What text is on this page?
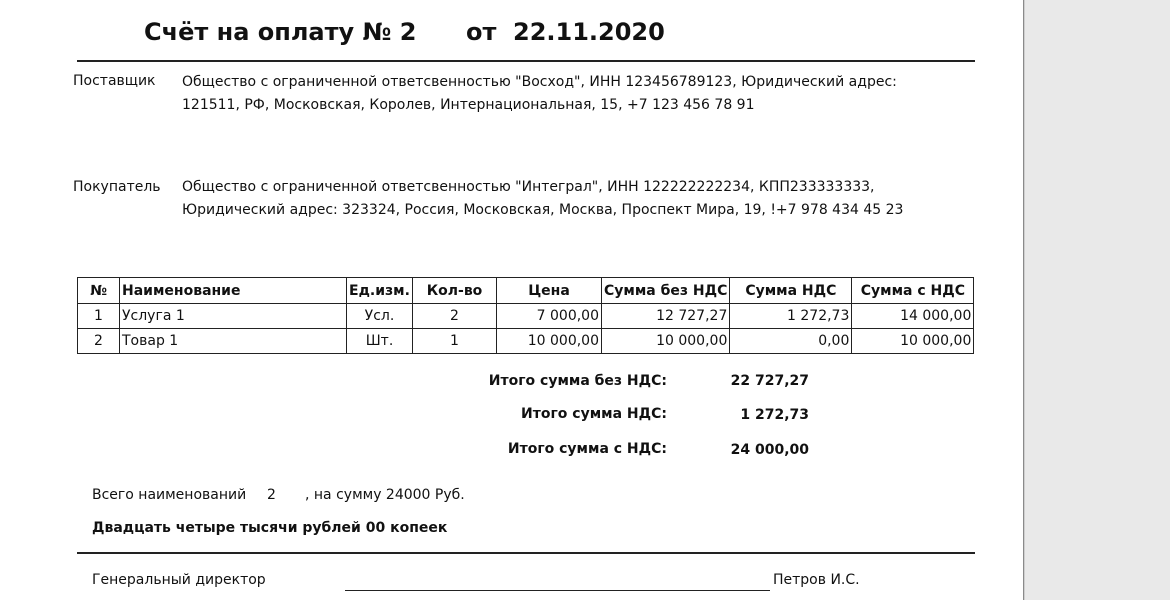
Счёт на оплату № 2 от 22.11.2020
Поставщик Общество с ограниченной ответсвенностью "Восход", ИНН 123456789123, Юридический адрес:
121511, РФ, Московская, Королев, Интернациональная, 15, +7 123 456 78 91
Покупатель Общество с ограниченной ответсвенностью "Интеграл", ИНН 122222222234, КПП233333333,
Юридический адрес: 323324, Россия, Московская, Москва, Проспект Мира, 19, !+7 978 434 45 23
№	Наименование	Ед.изм.	Кол-во	Цена	Сумма без НДС	Сумма НДС	Сумма с НДС
1	Услуга 1	Усл.	2	7 000,00	12 727,27	1 272,73	14 000,00
2	Товар 1	Шт.	1	10 000,00	10 000,00	0,00	10 000,00
Итого сумма без НДС:	22 727,27
Итого сумма НДС:	1 272,73
Итого сумма с НДС:	24 000,00
Всего наименований 2 , на сумму 24000 Руб.
Двадцать четыре тысячи рублей 00 копеек
Генеральный директор	Петров И.С.
